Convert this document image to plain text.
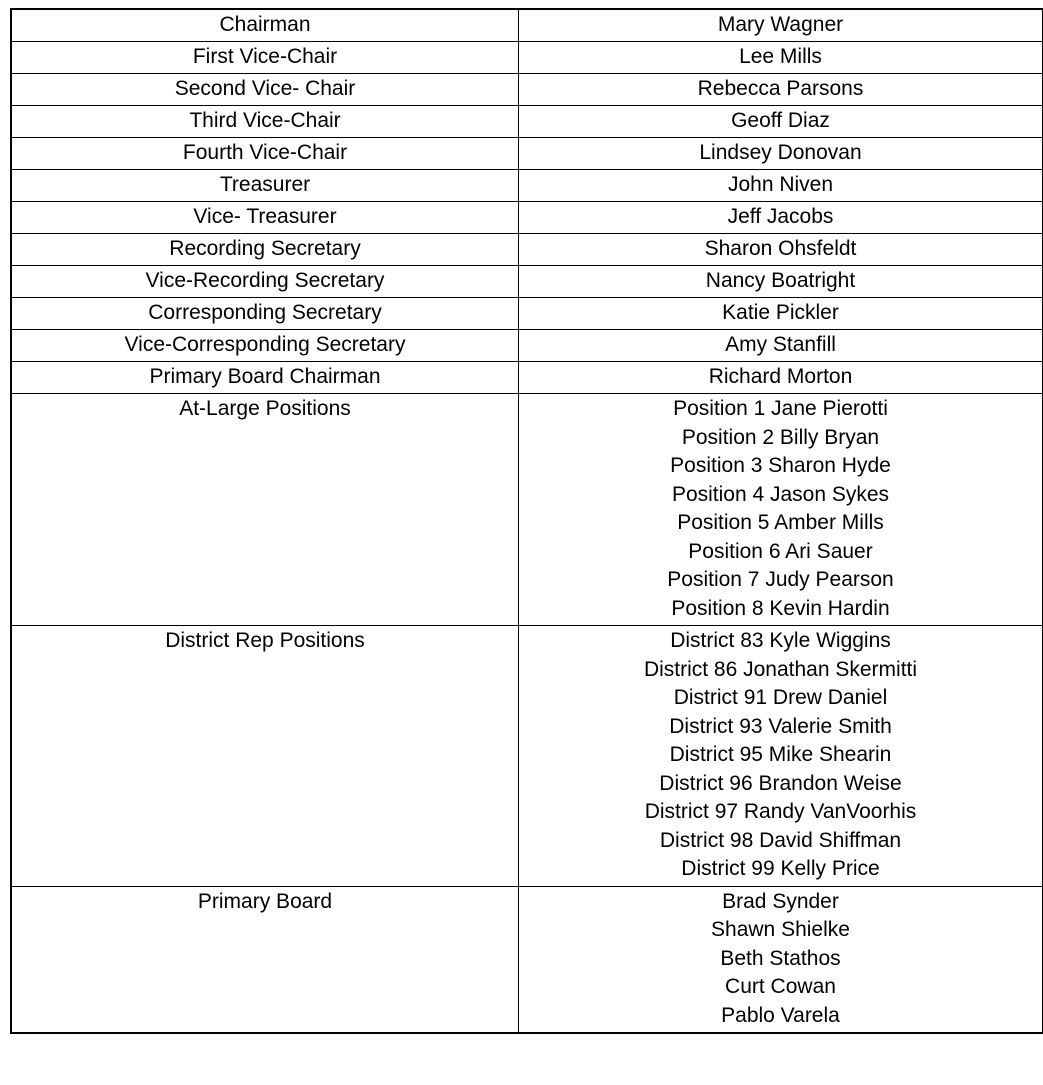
Chairman	Mary Wagner
First Vice-Chair	Lee Mills
Second Vice- Chair	Rebecca Parsons
Third Vice-Chair	Geoff Diaz
Fourth Vice-Chair	Lindsey Donovan
Treasurer	John Niven
Vice- Treasurer	Jeff Jacobs
Recording Secretary	Sharon Ohsfeldt
Vice-Recording Secretary	Nancy Boatright
Corresponding Secretary	Katie Pickler
Vice-Corresponding Secretary	Amy Stanfill
Primary Board Chairman	Richard Morton
At-Large Positions	Position 1 Jane Pierotti
Position 2 Billy Bryan
Position 3 Sharon Hyde
Position 4 Jason Sykes
Position 5 Amber Mills
Position 6 Ari Sauer
Position 7 Judy Pearson
Position 8 Kevin Hardin

District Rep Positions	District 83 Kyle Wiggins
District 86 Jonathan Skermitti
District 91 Drew Daniel
District 93 Valerie Smith
District 95 Mike Shearin
District 96 Brandon Weise
District 97 Randy VanVoorhis
District 98 David Shiffman
District 99 Kelly Price

Primary Board	Brad Synder
Shawn Shielke
Beth Stathos
Curt Cowan
Pablo Varela
